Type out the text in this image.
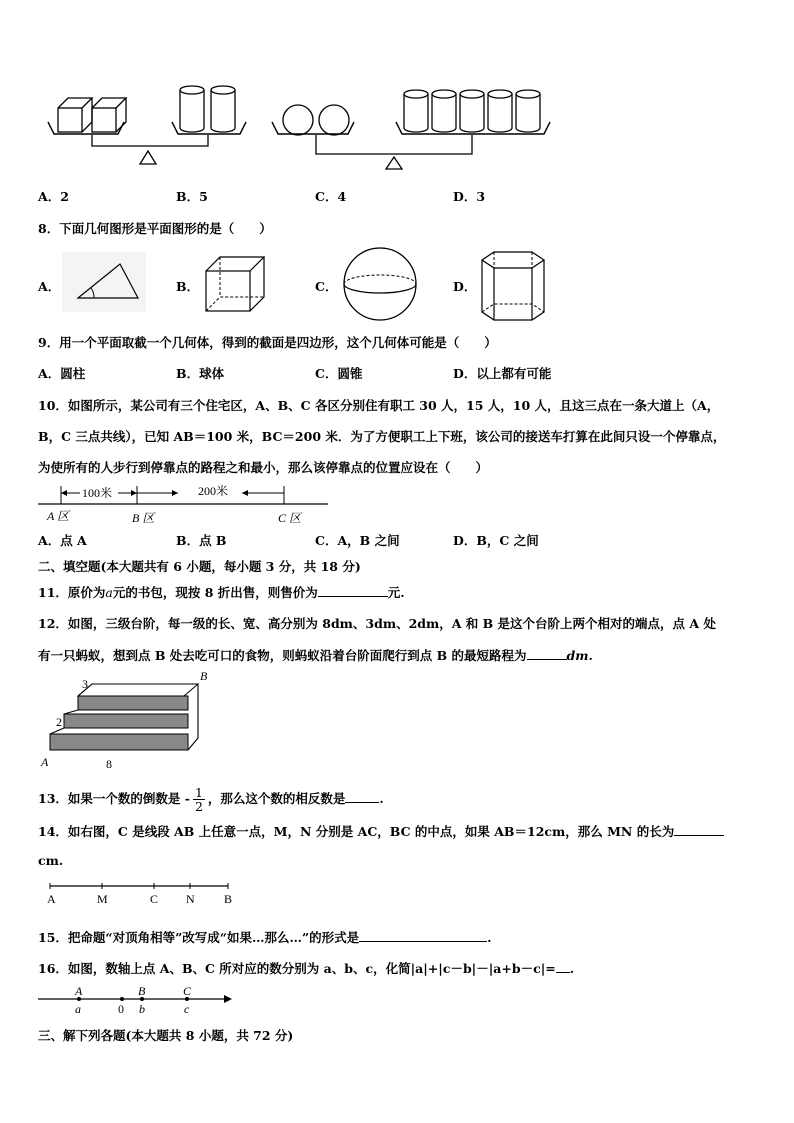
A．2	B．5	C．4	D．3
8．下面几何图形是平面图形的是（　　）
A．	B．	C．	D．
9．用一个平面取截一个几何体，得到的截面是四边形，这个几何体可能是（　　）
A．圆柱	B．球体	C．圆锥	D．以上都有可能
10．如图所示，某公司有三个住宅区，A、B、C 各区分别住有职工 30 人，15 人，10 人，且这三点在一条大道上（A，
B，C 三点共线），已知 AB＝100 米，BC＝200 米．为了方便职工上下班，该公司的接送车打算在此间只设一个停靠点，
为使所有的人步行到停靠点的路程之和最小，那么该停靠点的位置应设在（　　）
100米	200米
A 区	B 区	C 区
A．点 A	B．点 B	C．A，B 之间	D．B，C 之间
二、填空题(本大题共有 6 小题，每小题 3 分，共 18 分)
11．原价为a元的书包，现按 8 折出售，则售价为	元.
12．如图，三级台阶，每一级的长、宽、高分别为 8dm、3dm、2dm，A 和 B 是这个台阶上两个相对的端点，点 A 处
有一只蚂蚁，想到点 B 处去吃可口的食物，则蚂蚁沿着台阶面爬行到点 B 的最短路程为	dm.
B
3
2
A	8
13．如果一个数的倒数是 - $\frac{1}{2}$ ，那么这个数的相反数是	.
14．如右图，C 是线段 AB 上任意一点，M，N 分别是 AC，BC 的中点，如果 AB＝12cm，那么 MN 的长为
cm.
A	M	C N B
15．把命题“对顶角相等”改写成“如果…那么…”的形式是	.
16．如图，数轴上点 A、B、C 所对应的数分别为 a、b、c，化简|a|+|c－b|－|a+b－c|= .
A
a	0
B
b
C
c
三、解下列各题(本大题共 8 小题，共 72 分)
